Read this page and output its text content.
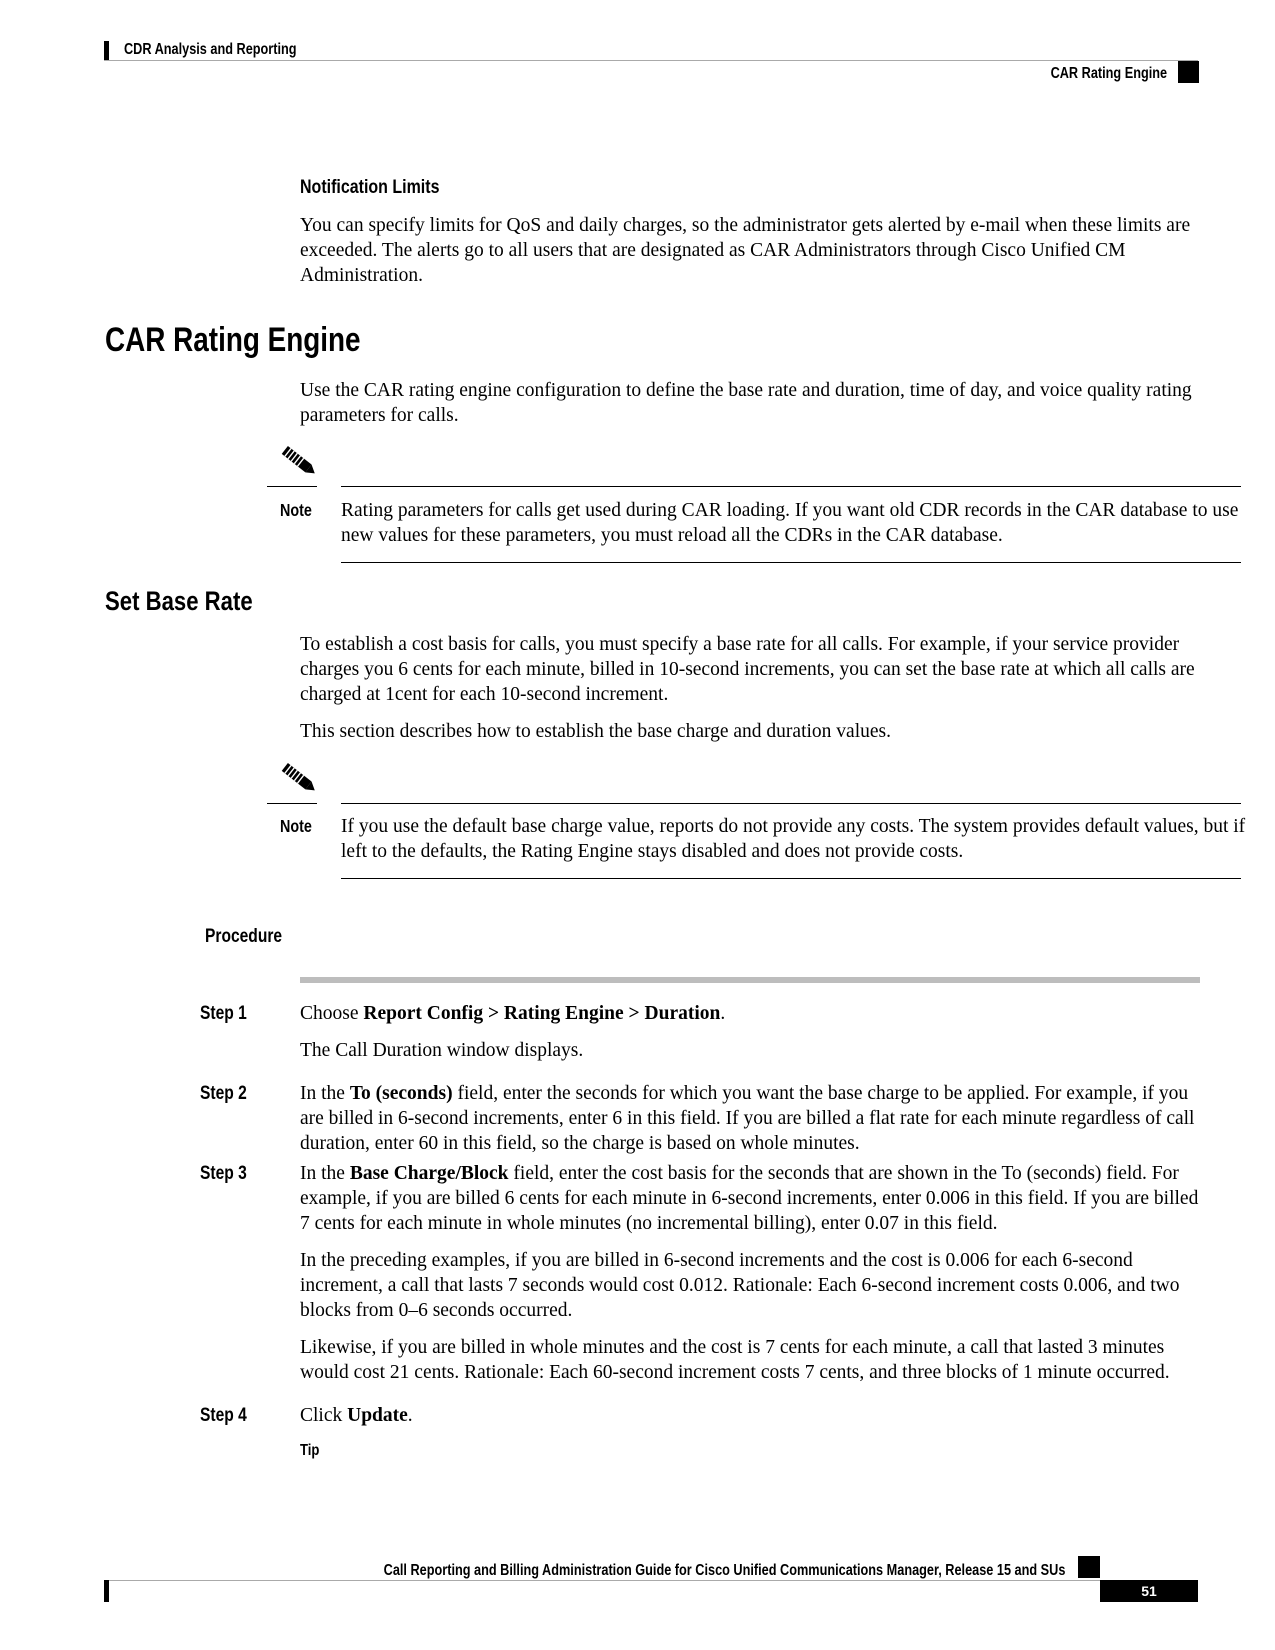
CDR Analysis and Reporting
CAR Rating Engine
Notification Limits
You can specify limits for QoS and daily charges, so the administrator gets alerted by e-mail when these limits are exceeded. The alerts go to all users that are designated as CAR Administrators through Cisco Unified CM Administration.
CAR Rating Engine
Use the CAR rating engine configuration to define the base rate and duration, time of day, and voice quality rating parameters for calls.
Note Rating parameters for calls get used during CAR loading. If you want old CDR records in the CAR database to use new values for these parameters, you must reload all the CDRs in the CAR database.
Set Base Rate
To establish a cost basis for calls, you must specify a base rate for all calls. For example, if your service provider charges you 6 cents for each minute, billed in 10-second increments, you can set the base rate at which all calls are charged at 1cent for each 10-second increment.
This section describes how to establish the base charge and duration values.
Note If you use the default base charge value, reports do not provide any costs. The system provides default values, but if left to the defaults, the Rating Engine stays disabled and does not provide costs.
Procedure
Step 1	Choose Report Config > Rating Engine > Duration.
The Call Duration window displays.
Step 2	In the To (seconds) field, enter the seconds for which you want the base charge to be applied. For example, if you are billed in 6-second increments, enter 6 in this field. If you are billed a flat rate for each minute regardless of call duration, enter 60 in this field, so the charge is based on whole minutes.
Step 3	In the Base Charge/Block field, enter the cost basis for the seconds that are shown in the To (seconds) field. For example, if you are billed 6 cents for each minute in 6-second increments, enter 0.006 in this field. If you are billed 7 cents for each minute in whole minutes (no incremental billing), enter 0.07 in this field.
In the preceding examples, if you are billed in 6-second increments and the cost is 0.006 for each 6-second increment, a call that lasts 7 seconds would cost 0.012. Rationale: Each 6-second increment costs 0.006, and two blocks from 0–6 seconds occurred.
Likewise, if you are billed in whole minutes and the cost is 7 cents for each minute, a call that lasted 3 minutes would cost 21 cents. Rationale: Each 60-second increment costs 7 cents, and three blocks of 1 minute occurred.
Step 4	Click Update.
Tip
Call Reporting and Billing Administration Guide for Cisco Unified Communications Manager, Release 15 and SUs
51
